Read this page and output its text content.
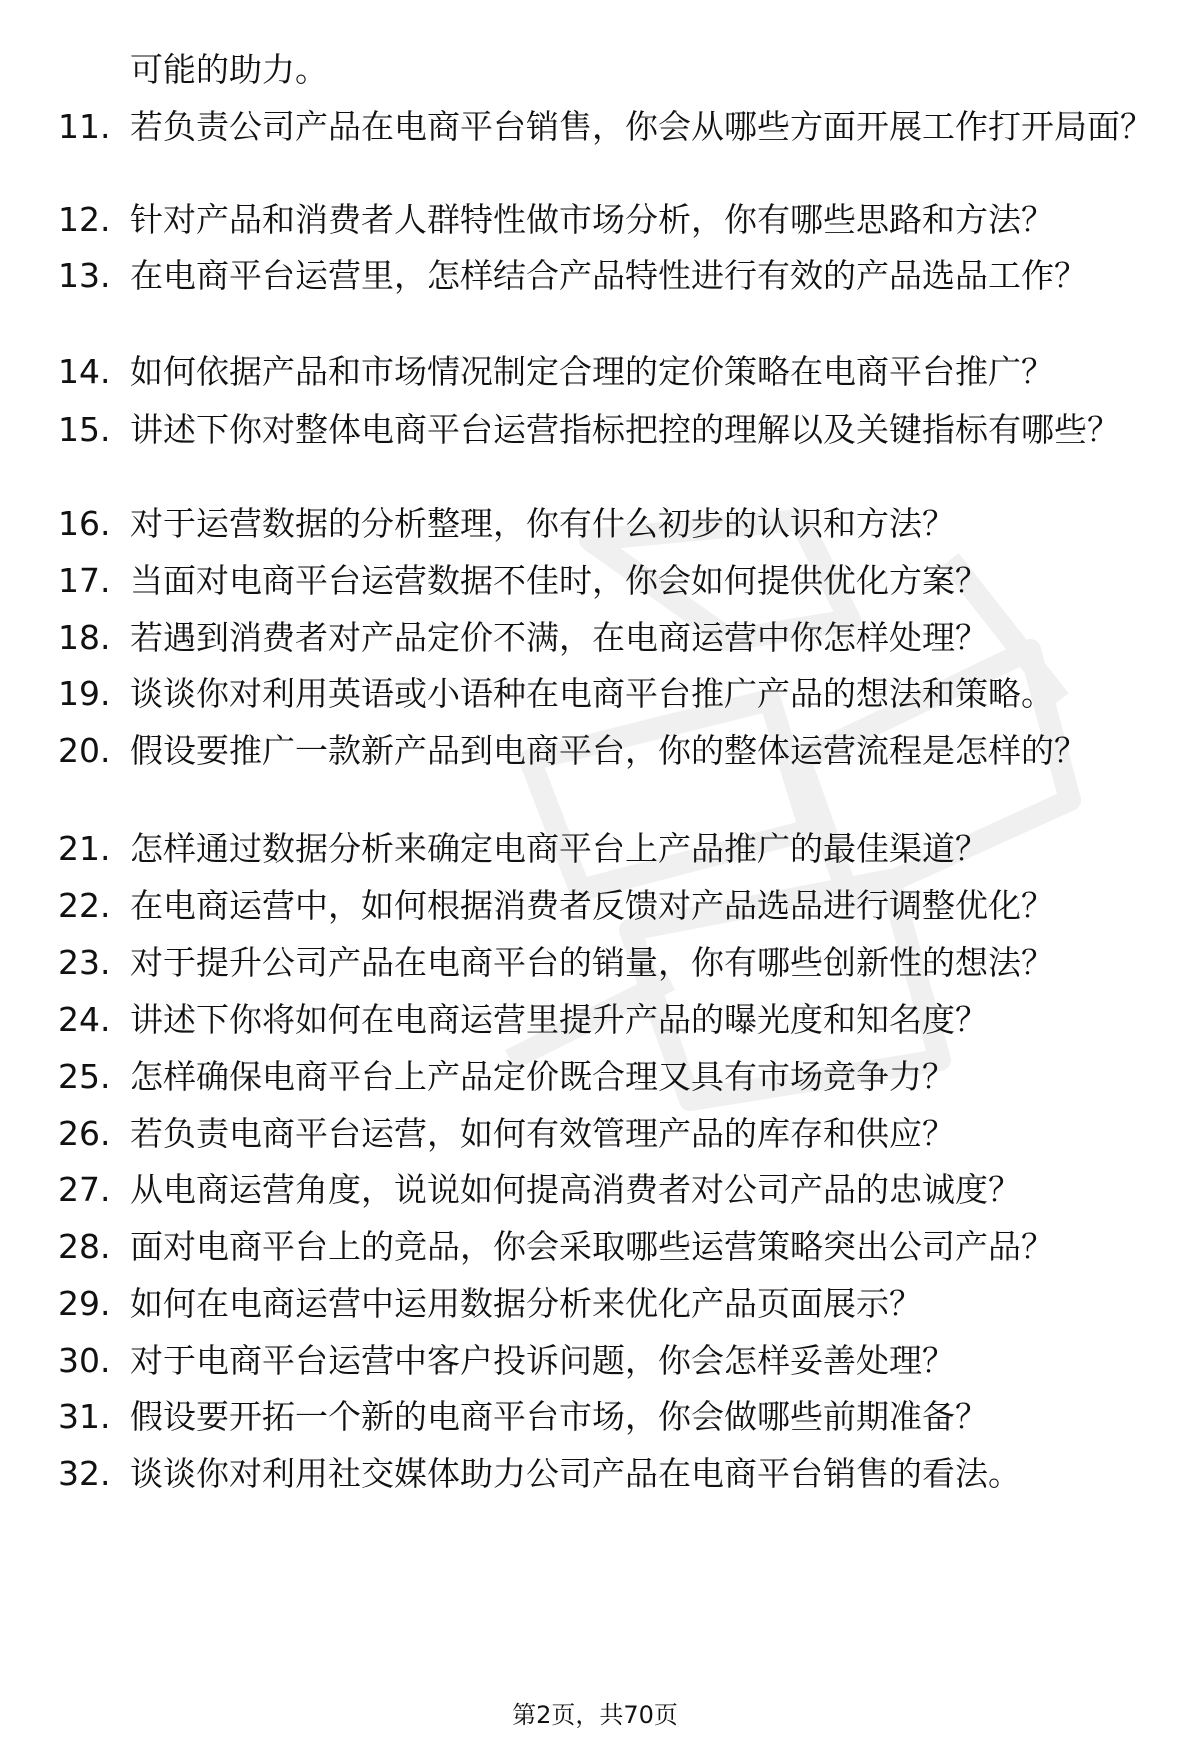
可能的助力。
11. 若负责公司产品在电商平台销售，你会从哪些方面开展工作打开局面？
12. 针对产品和消费者人群特性做市场分析，你有哪些思路和方法？
13. 在电商平台运营里，怎样结合产品特性进行有效的产品选品工作？
14. 如何依据产品和市场情况制定合理的定价策略在电商平台推广？
15. 讲述下你对整体电商平台运营指标把控的理解以及关键指标有哪些？
16. 对于运营数据的分析整理，你有什么初步的认识和方法？
17. 当面对电商平台运营数据不佳时，你会如何提供优化方案？
18. 若遇到消费者对产品定价不满，在电商运营中你怎样处理？
19. 谈谈你对利用英语或小语种在电商平台推广产品的想法和策略。
20. 假设要推广一款新产品到电商平台，你的整体运营流程是怎样的？
21. 怎样通过数据分析来确定电商平台上产品推广的最佳渠道？
22. 在电商运营中，如何根据消费者反馈对产品选品进行调整优化？
23. 对于提升公司产品在电商平台的销量，你有哪些创新性的想法？
24. 讲述下你将如何在电商运营里提升产品的曝光度和知名度？
25. 怎样确保电商平台上产品定价既合理又具有市场竞争力？
26. 若负责电商平台运营，如何有效管理产品的库存和供应？
27. 从电商运营角度，说说如何提高消费者对公司产品的忠诚度？
28. 面对电商平台上的竞品，你会采取哪些运营策略突出公司产品？
29. 如何在电商运营中运用数据分析来优化产品页面展示？
30. 对于电商平台运营中客户投诉问题，你会怎样妥善处理？
31. 假设要开拓一个新的电商平台市场，你会做哪些前期准备？
32. 谈谈你对利用社交媒体助力公司产品在电商平台销售的看法。
第2页，共70页
